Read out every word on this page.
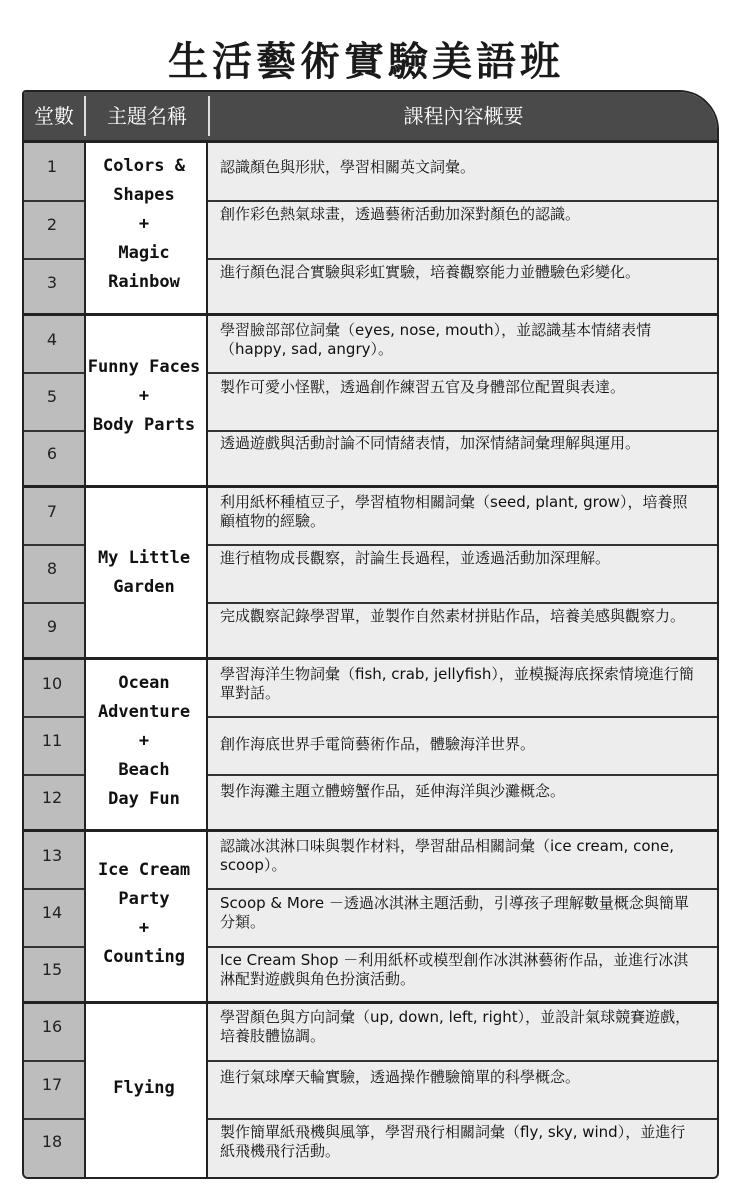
生活藝術實驗美語班
堂數	主題名稱	課程內容概要
1
2
3
4
5
6
7
8
9
10
11
12
13
14
15
16
17
18
Colors &
Shapes
+
Magic
Rainbow
Funny Faces
+
Body Parts
My Little
Garden
Ocean
Adventure
+
Beach
Day Fun
Ice Cream
Party
+
Counting
Flying
認識顏色與形狀，學習相關英文詞彙。
創作彩色熱氣球畫，透過藝術活動加深對顏色的認識。
進行顏色混合實驗與彩虹實驗，培養觀察能力並體驗色彩變化。
學習臉部部位詞彙（eyes, nose, mouth），並認識基本情緒表情（happy, sad, angry）。
製作可愛小怪獸，透過創作練習五官及身體部位配置與表達。
透過遊戲與活動討論不同情緒表情，加深情緒詞彙理解與運用。
利用紙杯種植豆子，學習植物相關詞彙（seed, plant, grow），培養照顧植物的經驗。
進行植物成長觀察，討論生長過程，並透過活動加深理解。
完成觀察記錄學習單，並製作自然素材拼貼作品，培養美感與觀察力。
學習海洋生物詞彙（fish, crab, jellyfish），並模擬海底探索情境進行簡單對話。
創作海底世界手電筒藝術作品，體驗海洋世界。
製作海灘主題立體螃蟹作品，延伸海洋與沙灘概念。
認識冰淇淋口味與製作材料，學習甜品相關詞彙（ice cream, cone, scoop）。
Scoop & More －透過冰淇淋主題活動，引導孩子理解數量概念與簡單分類。
Ice Cream Shop －利用紙杯或模型創作冰淇淋藝術作品，並進行冰淇淋配對遊戲與角色扮演活動。
學習顏色與方向詞彙（up, down, left, right），並設計氣球競賽遊戲，培養肢體協調。
進行氣球摩天輪實驗，透過操作體驗簡單的科學概念。
製作簡單紙飛機與風箏，學習飛行相關詞彙（fly, sky, wind），並進行紙飛機飛行活動。
